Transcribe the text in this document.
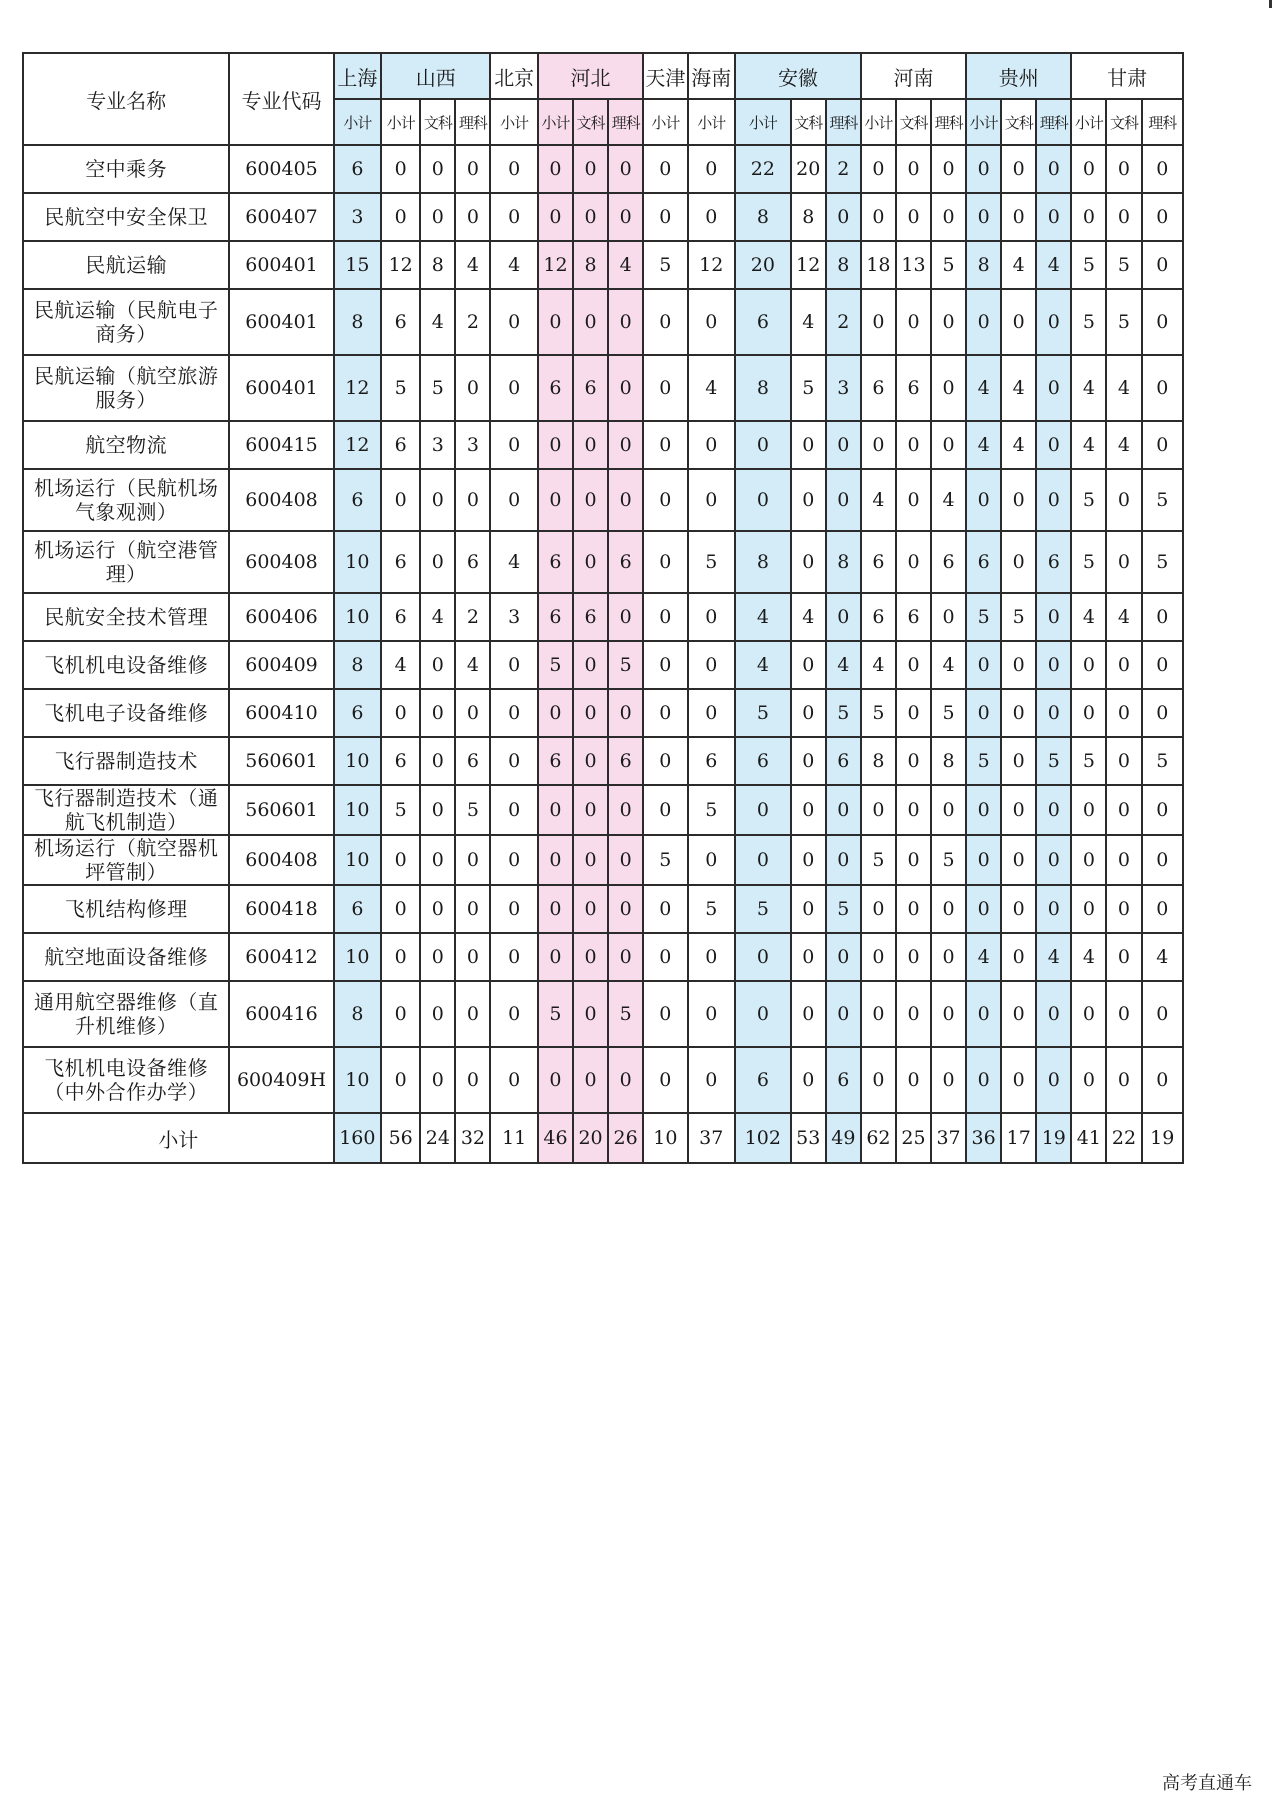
专业名称	专业代码	上海	山西			北京	河北			天津	海南	安徽			河南			贵州			甘肃		
		小计	小计	文科	理科	小计	小计	文科	理科	小计	小计	小计	文科	理科	小计	文科	理科	小计	文科	理科	小计	文科	理科
空中乘务	600405	6	0	0	0	0	0	0	0	0	0	22	20	2	0	0	0	0	0	0	0	0	0
民航空中安全保卫	600407	3	0	0	0	0	0	0	0	0	0	8	8	0	0	0	0	0	0	0	0	0	0
民航运输	600401	15	12	8	4	4	12	8	4	5	12	20	12	8	18	13	5	8	4	4	5	5	0
民航运输（民航电子商务）	600401	8	6	4	2	0	0	0	0	0	0	6	4	2	0	0	0	0	0	0	5	5	0
民航运输（航空旅游服务）	600401	12	5	5	0	0	6	6	0	0	4	8	5	3	6	6	0	4	4	0	4	4	0
航空物流	600415	12	6	3	3	0	0	0	0	0	0	0	0	0	0	0	0	4	4	0	4	4	0
机场运行（民航机场气象观测）	600408	6	0	0	0	0	0	0	0	0	0	0	0	0	4	0	4	0	0	0	5	0	5
机场运行（航空港管理）	600408	10	6	0	6	4	6	0	6	0	5	8	0	8	6	0	6	6	0	6	5	0	5
民航安全技术管理	600406	10	6	4	2	3	6	6	0	0	0	4	4	0	6	6	0	5	5	0	4	4	0
飞机机电设备维修	600409	8	4	0	4	0	5	0	5	0	0	4	0	4	4	0	4	0	0	0	0	0	0
飞机电子设备维修	600410	6	0	0	0	0	0	0	0	0	0	5	0	5	5	0	5	0	0	0	0	0	0
飞行器制造技术	560601	10	6	0	6	0	6	0	6	0	6	6	0	6	8	0	8	5	0	5	5	0	5
飞行器制造技术（通航飞机制造）	560601	10	5	0	5	0	0	0	0	0	5	0	0	0	0	0	0	0	0	0	0	0	0
机场运行（航空器机坪管制）	600408	10	0	0	0	0	0	0	0	5	0	0	0	0	5	0	5	0	0	0	0	0	0
飞机结构修理	600418	6	0	0	0	0	0	0	0	0	5	5	0	5	0	0	0	0	0	0	0	0	0
航空地面设备维修	600412	10	0	0	0	0	0	0	0	0	0	0	0	0	0	0	0	4	0	4	4	0	4
通用航空器维修（直升机维修）	600416	8	0	0	0	0	5	0	5	0	0	0	0	0	0	0	0	0	0	0	0	0	0
飞机机电设备维修（中外合作办学）	600409H	10	0	0	0	0	0	0	0	0	0	6	0	6	0	0	0	0	0	0	0	0	0
小计		160	56	24	32	11	46	20	26	10	37	102	53	49	62	25	37	36	17	19	41	22	19
高考直通车
